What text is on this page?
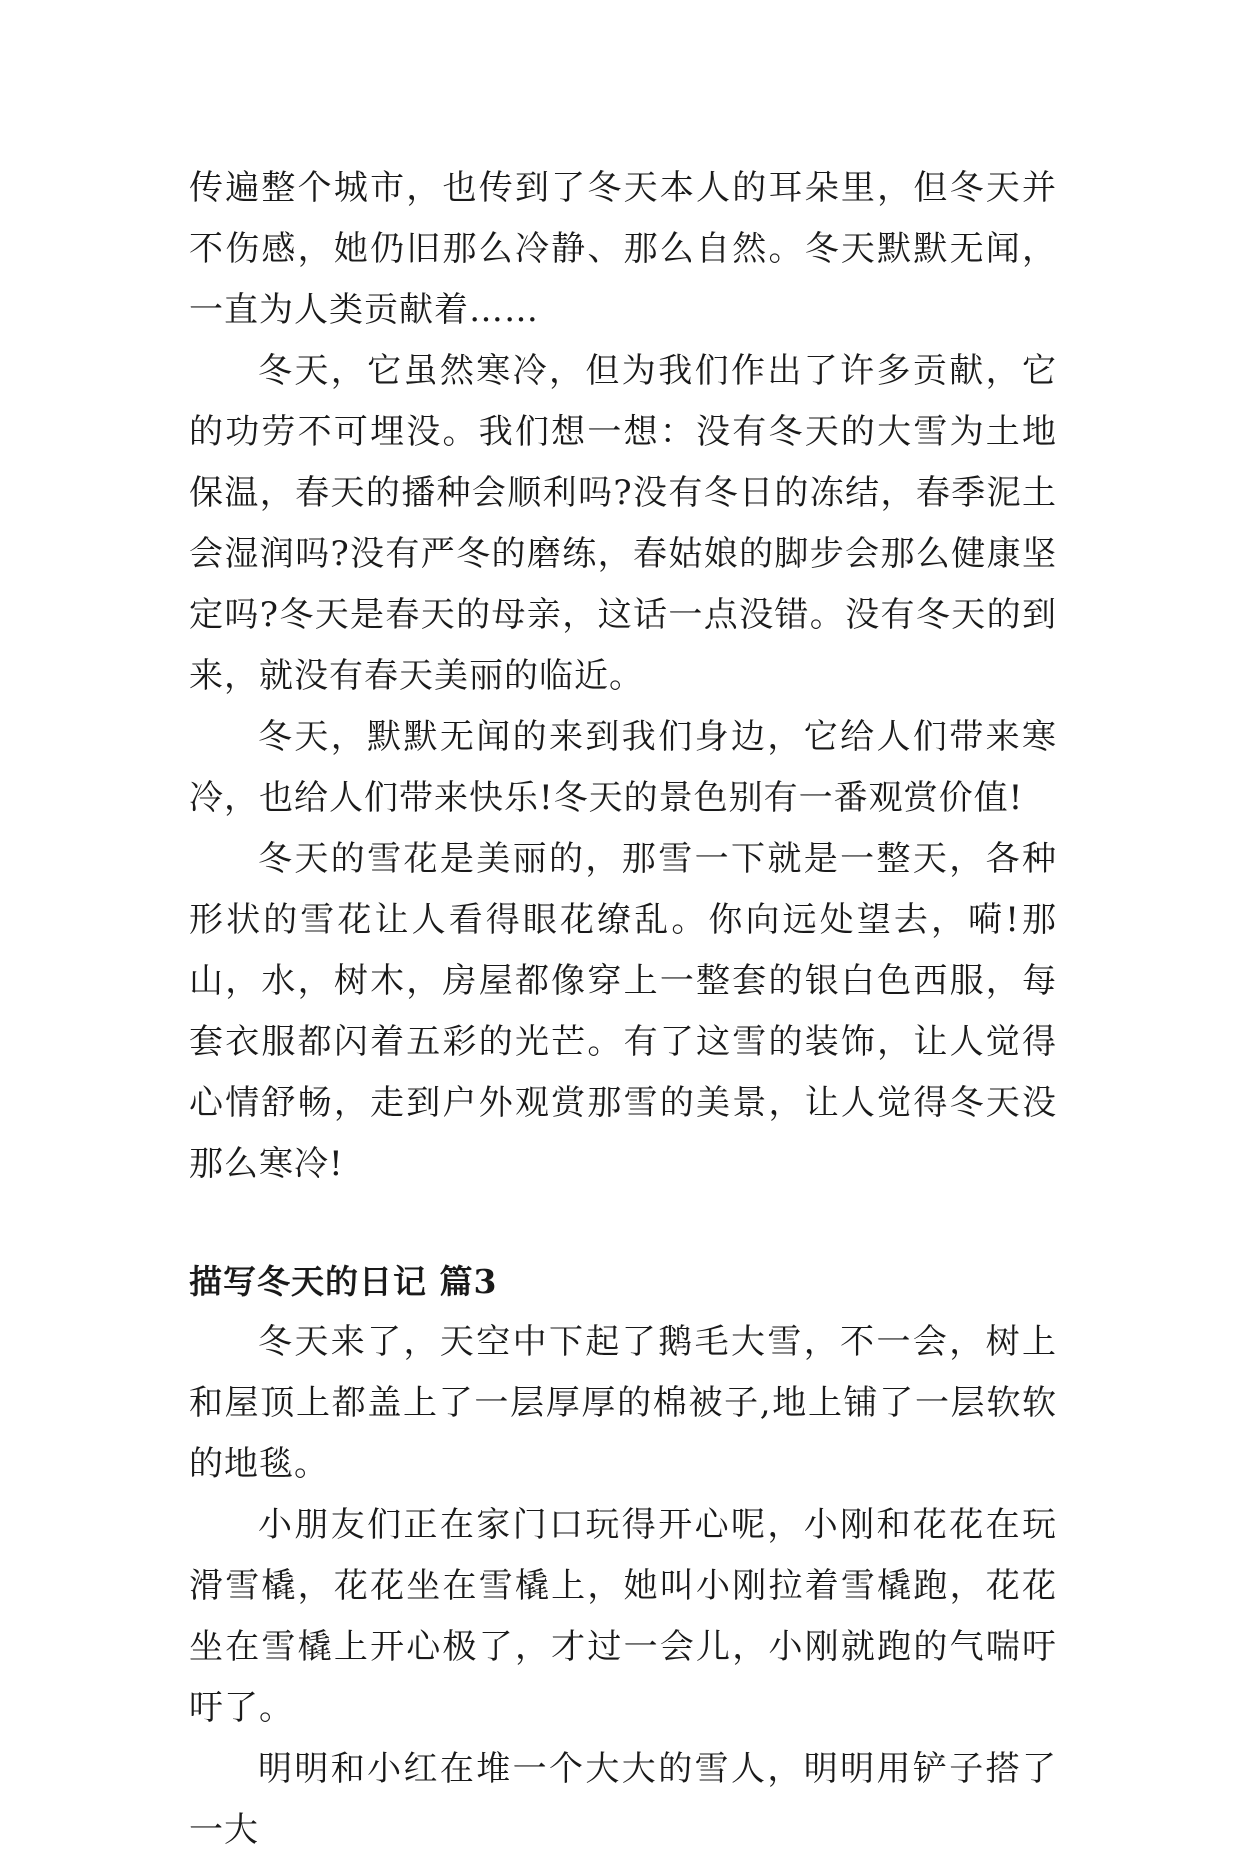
传遍整个城市，也传到了冬天本人的耳朵里，但冬天并不伤感，她仍旧那么冷静、那么自然。冬天默默无闻，一直为人类贡献着……

冬天，它虽然寒冷，但为我们作出了许多贡献，它的功劳不可埋没。我们想一想：没有冬天的大雪为土地保温，春天的播种会顺利吗?没有冬日的冻结，春季泥土会湿润吗?没有严冬的磨练，春姑娘的脚步会那么健康坚定吗?冬天是春天的母亲，这话一点没错。没有冬天的到来，就没有春天美丽的临近。

冬天，默默无闻的来到我们身边，它给人们带来寒冷，也给人们带来快乐!冬天的景色别有一番观赏价值!

冬天的雪花是美丽的，那雪一下就是一整天，各种形状的雪花让人看得眼花缭乱。你向远处望去，嗬!那山，水，树木，房屋都像穿上一整套的银白色西服，每套衣服都闪着五彩的光芒。有了这雪的装饰，让人觉得心情舒畅，走到户外观赏那雪的美景，让人觉得冬天没那么寒冷!

描写冬天的日记 篇3

冬天来了，天空中下起了鹅毛大雪，不一会，树上和屋顶上都盖上了一层厚厚的棉被子,地上铺了一层软软的地毯。

小朋友们正在家门口玩得开心呢，小刚和花花在玩滑雪橇，花花坐在雪橇上，她叫小刚拉着雪橇跑，花花坐在雪橇上开心极了，才过一会儿，小刚就跑的气喘吁吁了。

明明和小红在堆一个大大的雪人，明明用铲子搭了一大
